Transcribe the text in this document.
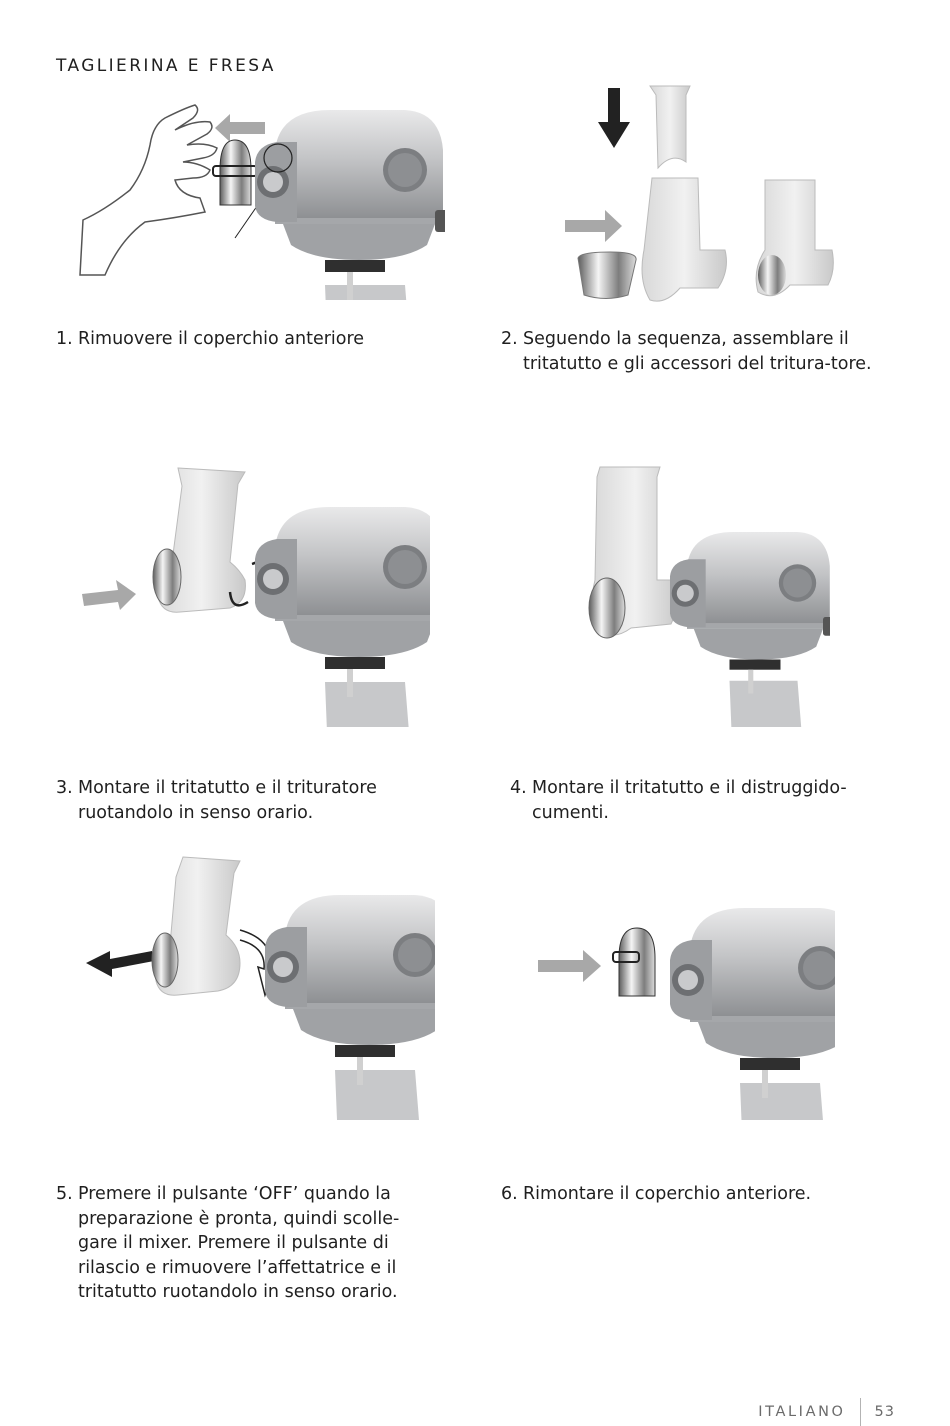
TAGLIERINA E FRESA
1. Rimuovere il coperchio anteriore	2. Seguendo la sequenza, assemblare il tritatutto e gli accessori del tritura-tore.
3. Montare il tritatutto e il trituratore ruotandolo in senso orario.
4. Montare il tritatutto e il distruggido-cumenti.
5. Premere il pulsante ‘OFF’ quando la preparazione è pronta, quindi scolle-gare il mixer. Premere il pulsante di rilascio e rimuovere l’affettatrice e il tritatutto ruotandolo in senso orario.
6. Rimontare il coperchio anteriore.
ITALIANO 53
